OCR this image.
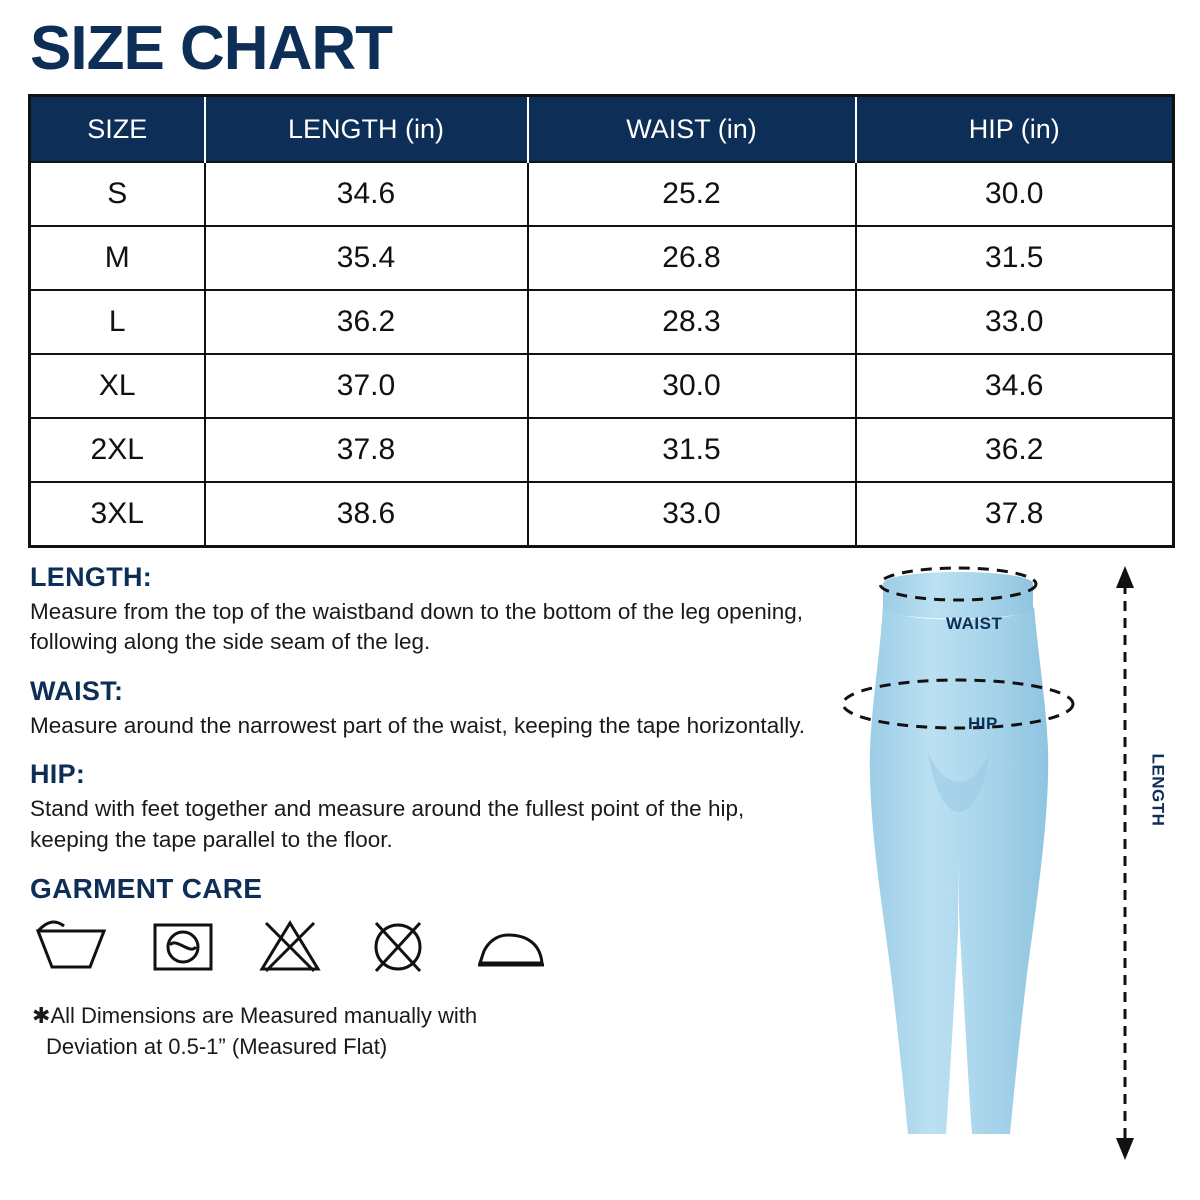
SIZE CHART
SIZE	LENGTH (in)	WAIST (in)	HIP (in)
S	34.6	25.2	30.0
M	35.4	26.8	31.5
L	36.2	28.3	33.0
XL	37.0	30.0	34.6
2XL	37.8	31.5	36.2
3XL	38.6	33.0	37.8
LENGTH:

Measure from the top of the waistband down to the bottom of the leg opening, following along the side seam of the leg.

WAIST:

Measure around the narrowest part of the waist, keeping the tape horizontally.

HIP:

Stand with feet together and measure around the fullest point of the hip, keeping the tape parallel to the floor.

GARMENT CARE
✱All Dimensions are Measured manually with
Deviation at 0.5-1” (Measured Flat)
WAIST
HIP
LENGTH
